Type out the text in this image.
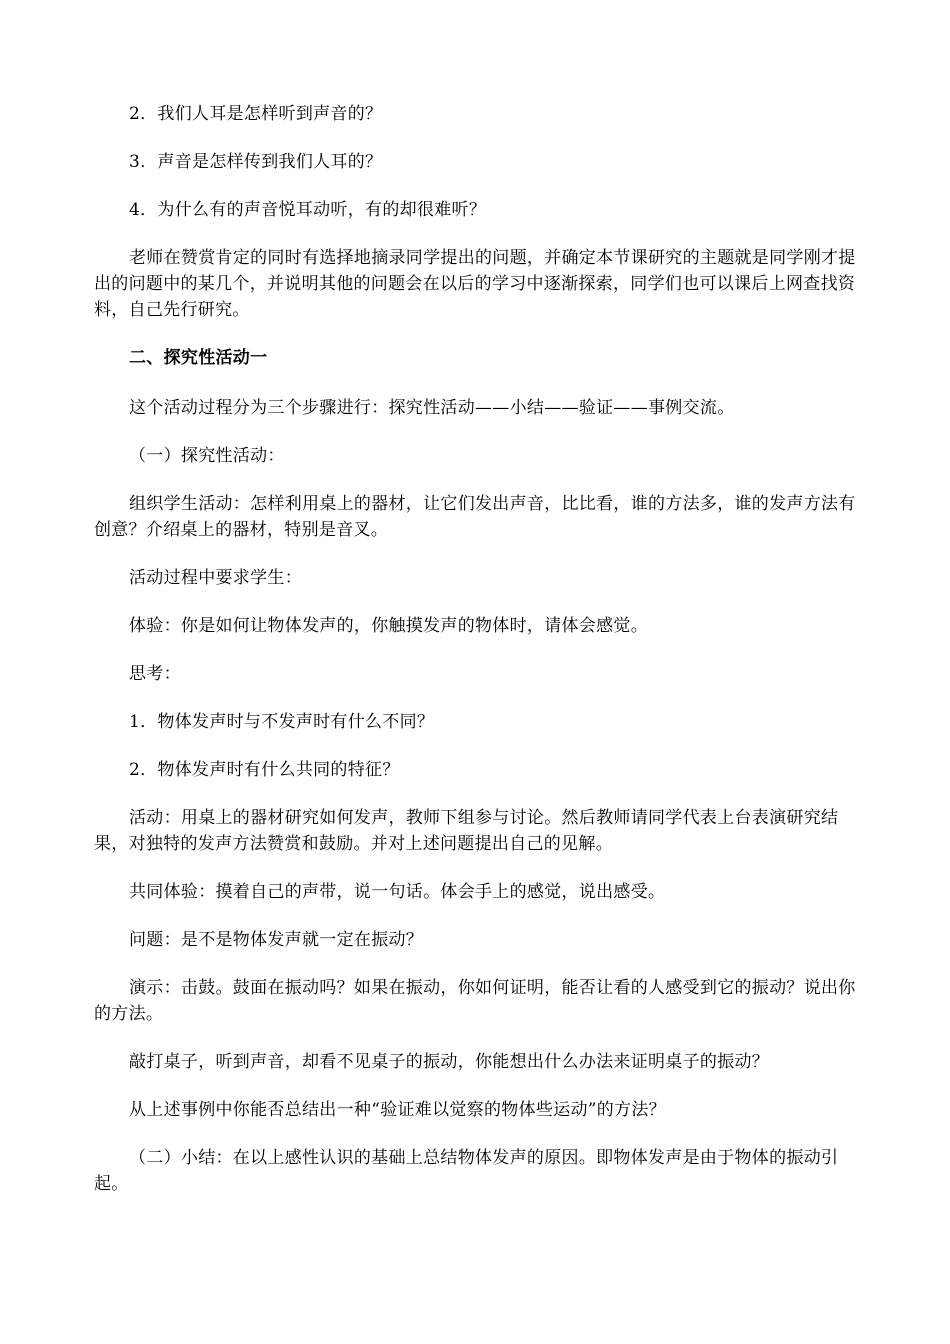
2．我们人耳是怎样听到声音的？

3．声音是怎样传到我们人耳的？

4．为什么有的声音悦耳动听，有的却很难听？

老师在赞赏肯定的同时有选择地摘录同学提出的问题，并确定本节课研究的主题就是同学刚才提出的问题中的某几个，并说明其他的问题会在以后的学习中逐渐探索，同学们也可以课后上网查找资料，自己先行研究。

二、探究性活动一

这个活动过程分为三个步骤进行：探究性活动——小结——验证——事例交流。

（一）探究性活动：

组织学生活动：怎样利用桌上的器材，让它们发出声音，比比看，谁的方法多，谁的发声方法有创意？介绍桌上的器材，特别是音叉。

活动过程中要求学生：

体验：你是如何让物体发声的，你触摸发声的物体时，请体会感觉。

思考：

1．物体发声时与不发声时有什么不同？

2．物体发声时有什么共同的特征？

活动：用桌上的器材研究如何发声，教师下组参与讨论。然后教师请同学代表上台表演研究结果，对独特的发声方法赞赏和鼓励。并对上述问题提出自己的见解。

共同体验：摸着自己的声带，说一句话。体会手上的感觉，说出感受。

问题：是不是物体发声就一定在振动？

演示：击鼓。鼓面在振动吗？如果在振动，你如何证明，能否让看的人感受到它的振动？说出你的方法。

敲打桌子，听到声音，却看不见桌子的振动，你能想出什么办法来证明桌子的振动？

从上述事例中你能否总结出一种“验证难以觉察的物体些运动”的方法？

（二）小结：在以上感性认识的基础上总结物体发声的原因。即物体发声是由于物体的振动引起。
